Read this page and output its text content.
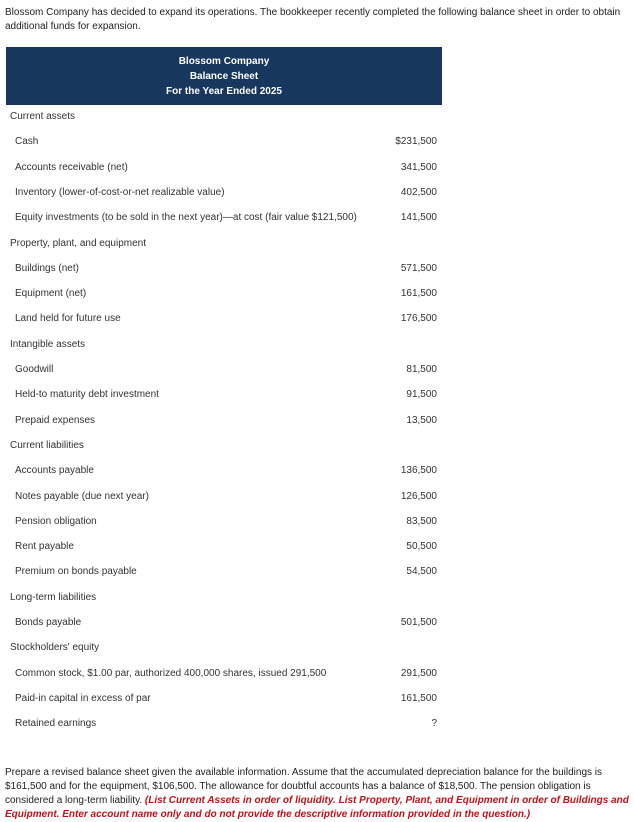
Blossom Company has decided to expand its operations. The bookkeeper recently completed the following balance sheet in order to obtain additional funds for expansion.
Blossom Company
Balance Sheet
For the Year Ended 2025
Current assets
Cash	$231,500
Accounts receivable (net)	341,500
Inventory (lower-of-cost-or-net realizable value)	402,500
Equity investments (to be sold in the next year)—at cost (fair value $121,500)	141,500
Property, plant, and equipment
Buildings (net)	571,500
Equipment (net)	161,500
Land held for future use	176,500
Intangible assets
Goodwill	81,500
Held-to maturity debt investment	91,500
Prepaid expenses	13,500
Current liabilities
Accounts payable	136,500
Notes payable (due next year)	126,500
Pension obligation	83,500
Rent payable	50,500
Premium on bonds payable	54,500
Long-term liabilities
Bonds payable	501,500
Stockholders' equity
Common stock, $1.00 par, authorized 400,000 shares, issued 291,500	291,500
Paid-in capital in excess of par	161,500
Retained earnings	?
Prepare a revised balance sheet given the available information. Assume that the accumulated depreciation balance for the buildings is $161,500 and for the equipment, $106,500. The allowance for doubtful accounts has a balance of $18,500. The pension obligation is considered a long-term liability. (List Current Assets in order of liquidity. List Property, Plant, and Equipment in order of Buildings and Equipment. Enter account name only and do not provide the descriptive information provided in the question.)
